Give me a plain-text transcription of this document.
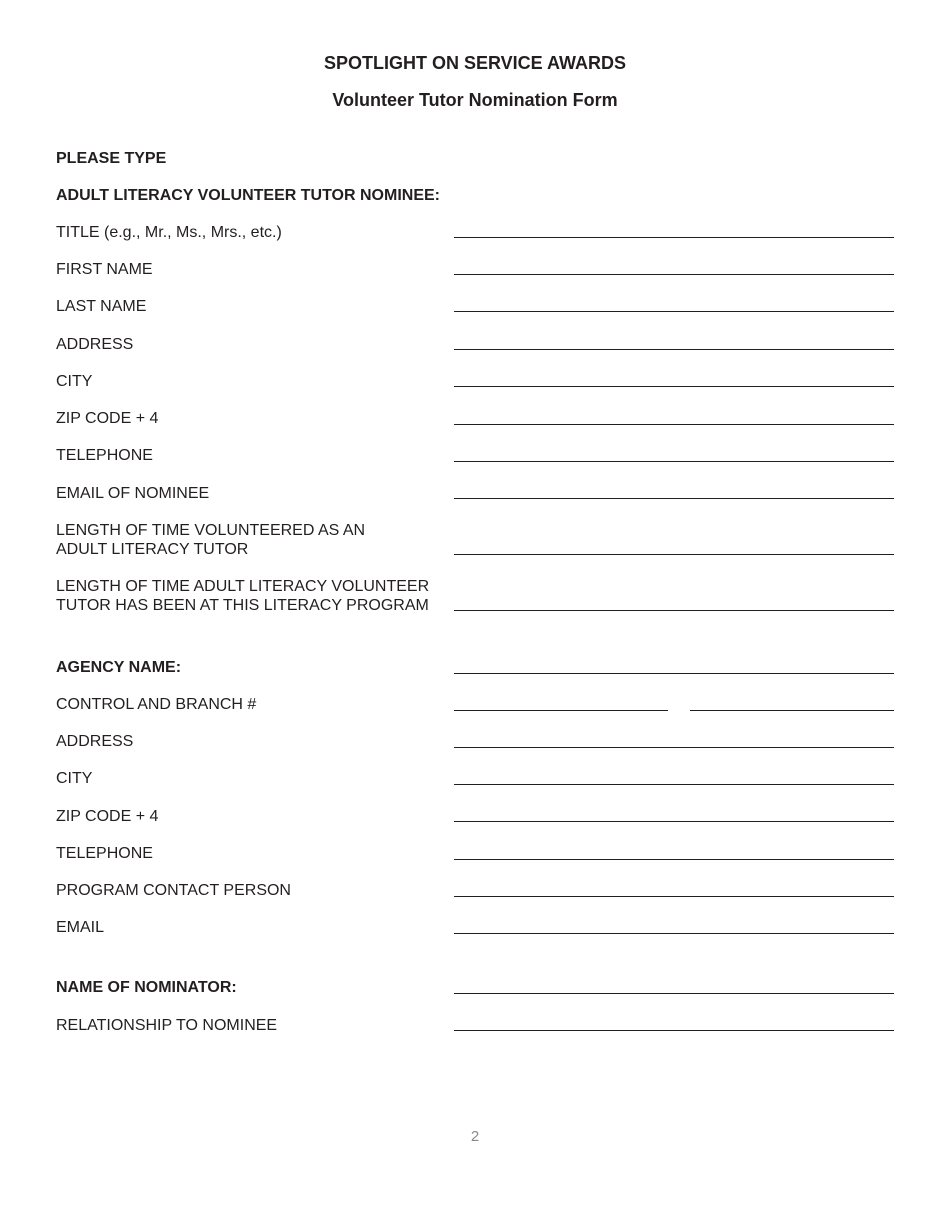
SPOTLIGHT ON SERVICE AWARDS
Volunteer Tutor Nomination Form

PLEASE TYPE

ADULT LITERACY VOLUNTEER TUTOR NOMINEE:

TITLE (e.g., Mr., Ms., Mrs., etc.)

FIRST NAME

LAST NAME

ADDRESS

CITY

ZIP CODE + 4

TELEPHONE

EMAIL OF NOMINEE

LENGTH OF TIME VOLUNTEERED AS AN

ADULT LITERACY TUTOR

LENGTH OF TIME ADULT LITERACY VOLUNTEER

TUTOR HAS BEEN AT THIS LITERACY PROGRAM

AGENCY NAME:

CONTROL AND BRANCH #

ADDRESS

CITY

ZIP CODE + 4

TELEPHONE

PROGRAM CONTACT PERSON

EMAIL

NAME OF NOMINATOR:

RELATIONSHIP TO NOMINEE

2
